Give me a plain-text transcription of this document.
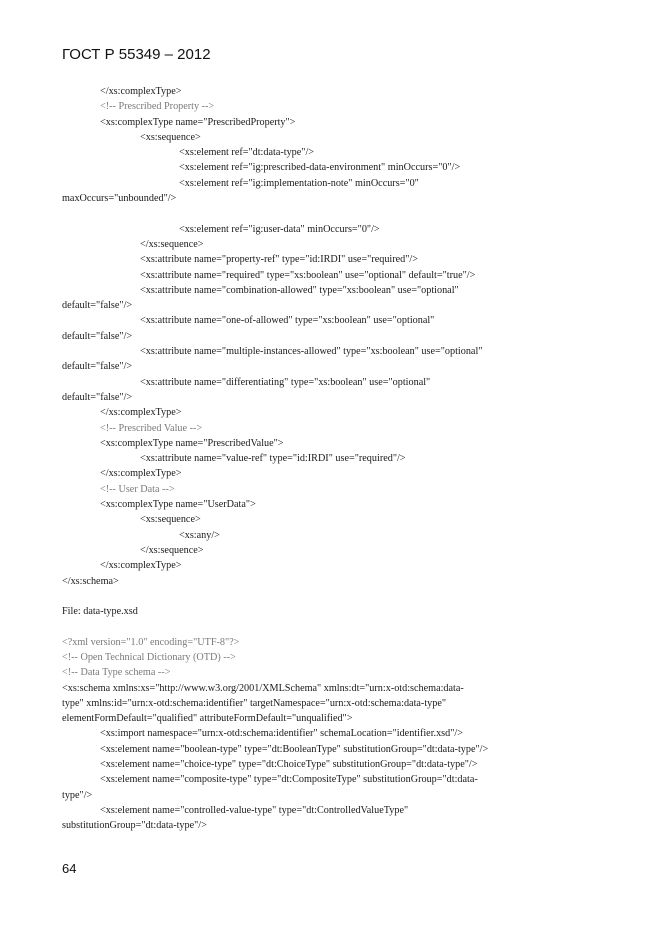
ГОСТ Р 55349 – 2012
</xs:complexType>
<!-- Prescribed Property -->
<xs:complexType name="PrescribedProperty">
<xs:sequence>
<xs:element ref="dt:data-type"/>
<xs:element ref="ig:prescribed-data-environment" minOccurs="0"/>
<xs:element ref="ig:implementation-note" minOccurs="0"
maxOccurs="unbounded"/>
<xs:element ref="ig:user-data" minOccurs="0"/>
</xs:sequence>
<xs:attribute name="property-ref" type="id:IRDI" use="required"/>
<xs:attribute name="required" type="xs:boolean" use="optional" default="true"/>
<xs:attribute name="combination-allowed" type="xs:boolean" use="optional"
default="false"/>
<xs:attribute name="one-of-allowed" type="xs:boolean" use="optional"
default="false"/>
<xs:attribute name="multiple-instances-allowed" type="xs:boolean" use="optional"
default="false"/>
<xs:attribute name="differentiating" type="xs:boolean" use="optional"
default="false"/>
</xs:complexType>
<!-- Prescribed Value -->
<xs:complexType name="PrescribedValue">
<xs:attribute name="value-ref" type="id:IRDI" use="required"/>
</xs:complexType>
<!-- User Data -->
<xs:complexType name="UserData">
<xs:sequence>
<xs:any/>
</xs:sequence>
</xs:complexType>
</xs:schema>
File: data-type.xsd
<?xml version="1.0" encoding="UTF-8"?>
<!-- Open Technical Dictionary (OTD) -->
<!-- Data Type schema -->
<xs:schema xmlns:xs="http://www.w3.org/2001/XMLSchema" xmlns:dt="urn:x-otd:schema:data-
type" xmlns:id="urn:x-otd:schema:identifier" targetNamespace="urn:x-otd:schema:data-type"
elementFormDefault="qualified" attributeFormDefault="unqualified">
<xs:import namespace="urn:x-otd:schema:identifier" schemaLocation="identifier.xsd"/>
<xs:element name="boolean-type" type="dt:BooleanType" substitutionGroup="dt:data-type"/>
<xs:element name="choice-type" type="dt:ChoiceType" substitutionGroup="dt:data-type"/>
<xs:element name="composite-type" type="dt:CompositeType" substitutionGroup="dt:data-
type"/>
<xs:element name="controlled-value-type" type="dt:ControlledValueType"
substitutionGroup="dt:data-type"/>
64
